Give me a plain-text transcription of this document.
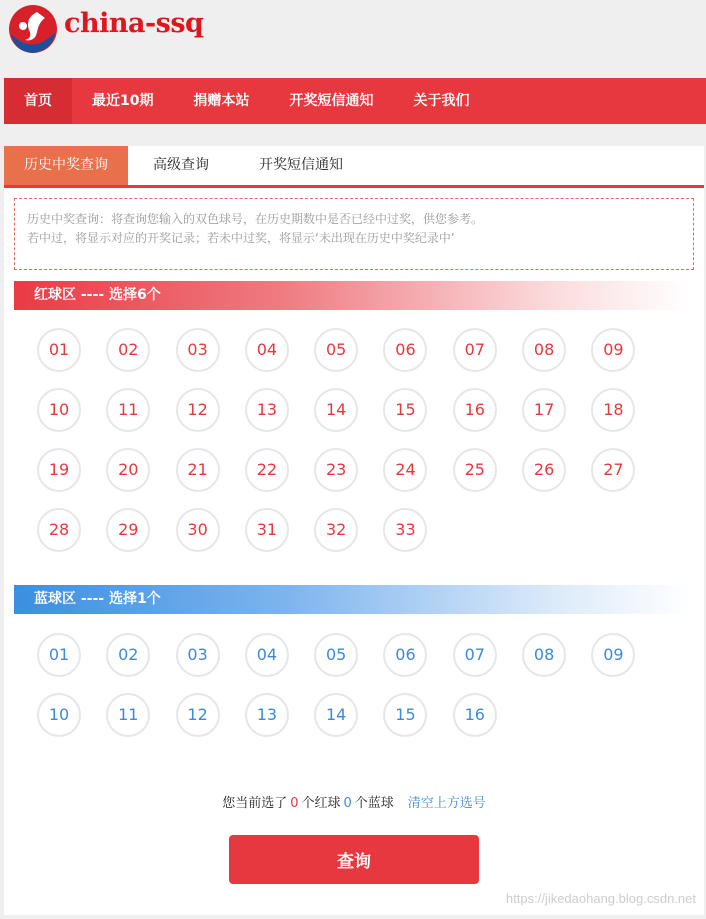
china-ssq
首页	最近10期	捐赠本站	开奖短信通知	关于我们
历史中奖查询	高级查询	开奖短信通知
历史中奖查询：将查询您输入的双色球号，在历史期数中是否已经中过奖，供您参考。
若中过，将显示对应的开奖记录；若未中过奖，将显示‘未出现在历史中奖纪录中’
红球区 ---- 选择6个
01	02	03	04	05	06	07	08	09
10	11	12	13	14	15	16	17	18
19	20	21	22	23	24	25	26	27
28	29	30	31	32	33
蓝球区 ---- 选择1个
01	02	03	04	05	06	07	08	09
10	11	12	13	14	15	16
您当前选了 0 个红球 0 个蓝球 清空上方选号
查询
https://jikedaohang.blog.csdn.net
